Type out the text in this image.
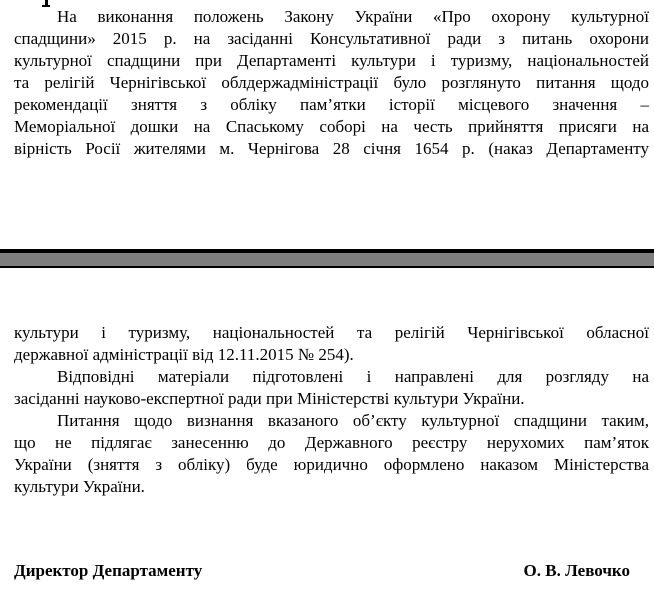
На виконання положень Закону України «Про охорону культурної
спадщини» 2015 р. на засіданні Консультативної ради з питань охорони
культурної спадщини при Департаменті культури і туризму, національностей
та релігій Чернігівської облдержадміністрації було розглянуто питання щодо
рекомендації зняття з обліку пам’ятки історії місцевого значення –
Меморіальної дошки на Спаському соборі на честь прийняття присяги на
вірність Росії жителями м. Чернігова 28 січня 1654 р. (наказ Департаменту
культури і туризму, національностей та релігій Чернігівської обласної
державної адміністрації від 12.11.2015 № 254).
Відповідні матеріали підготовлені і направлені для розгляду на
засіданні науково-експертної ради при Міністерстві культури України.
Питання щодо визнання вказаного об’єкту культурної спадщини таким,
що не підлягає занесенню до Державного реєстру нерухомих пам’яток
України (зняття з обліку) буде юридично оформлено наказом Міністерства
культури України.
Директор Департаменту	О. В. Левочко
